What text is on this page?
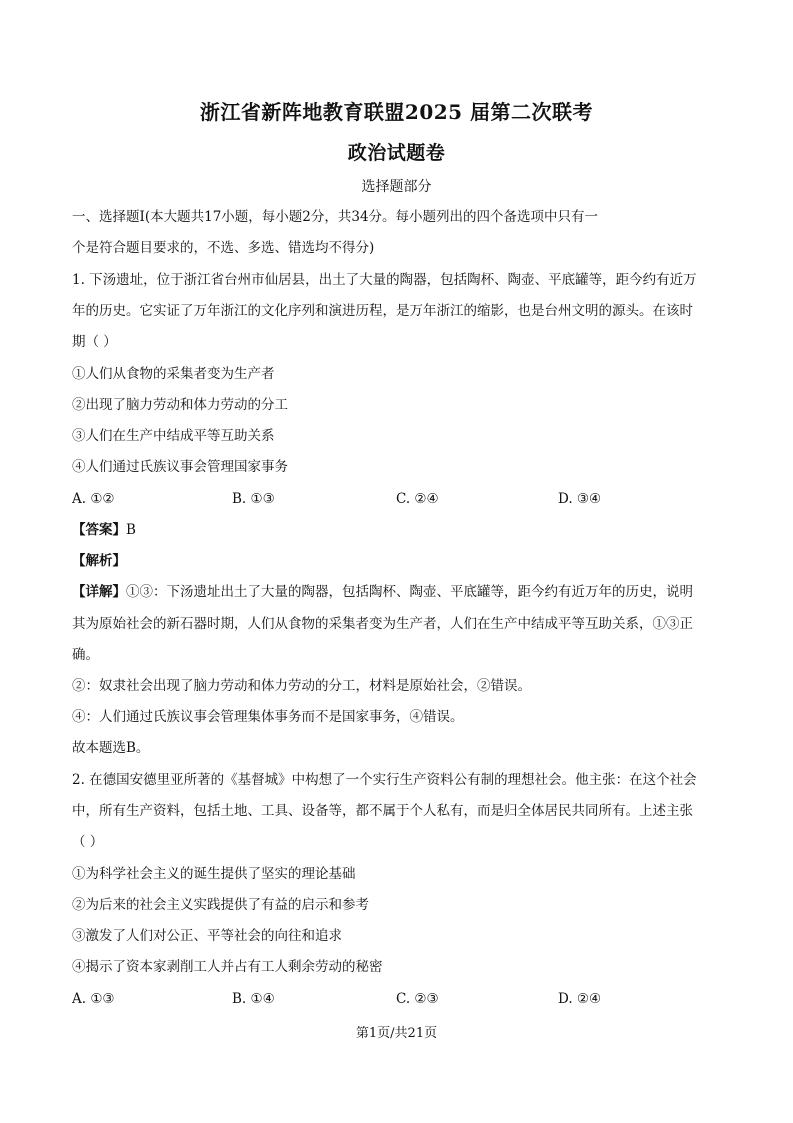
浙江省新阵地教育联盟2025 届第二次联考
政治试题卷
选择题部分
一、选择题Ⅰ(本大题共17小题，每小题2分，共34分。每小题列出的四个备选项中只有一
个是符合题目要求的，不选、多选、错选均不得分)
1. 下汤遗址，位于浙江省台州市仙居县，出土了大量的陶器，包括陶杯、陶壶、平底罐等，距今约有近万
年的历史。它实证了万年浙江的文化序列和演进历程，是万年浙江的缩影，也是台州文明的源头。在该时
期（ ）
①人们从食物的采集者变为生产者
②出现了脑力劳动和体力劳动的分工
③人们在生产中结成平等互助关系
④人们通过氏族议事会管理国家事务
A. ①②	B. ①③	C. ②④	D. ③④
【答案】B
【解析】
【详解】①③：下汤遗址出土了大量的陶器，包括陶杯、陶壶、平底罐等，距今约有近万年的历史，说明
其为原始社会的新石器时期，人们从食物的采集者变为生产者，人们在生产中结成平等互助关系，①③正
确。
②：奴隶社会出现了脑力劳动和体力劳动的分工，材料是原始社会，②错误。
④：人们通过氏族议事会管理集体事务而不是国家事务，④错误。
故本题选B。
2. 在德国安德里亚所著的《基督城》中构想了一个实行生产资料公有制的理想社会。他主张：在这个社会
中，所有生产资料，包括土地、工具、设备等，都不属于个人私有，而是归全体居民共同所有。上述主张
（ ）
①为科学社会主义的诞生提供了坚实的理论基础
②为后来的社会主义实践提供了有益的启示和参考
③激发了人们对公正、平等社会的向往和追求
④揭示了资本家剥削工人并占有工人剩余劳动的秘密
A. ①③	B. ①④	C. ②③	D. ②④
第1页/共21页
